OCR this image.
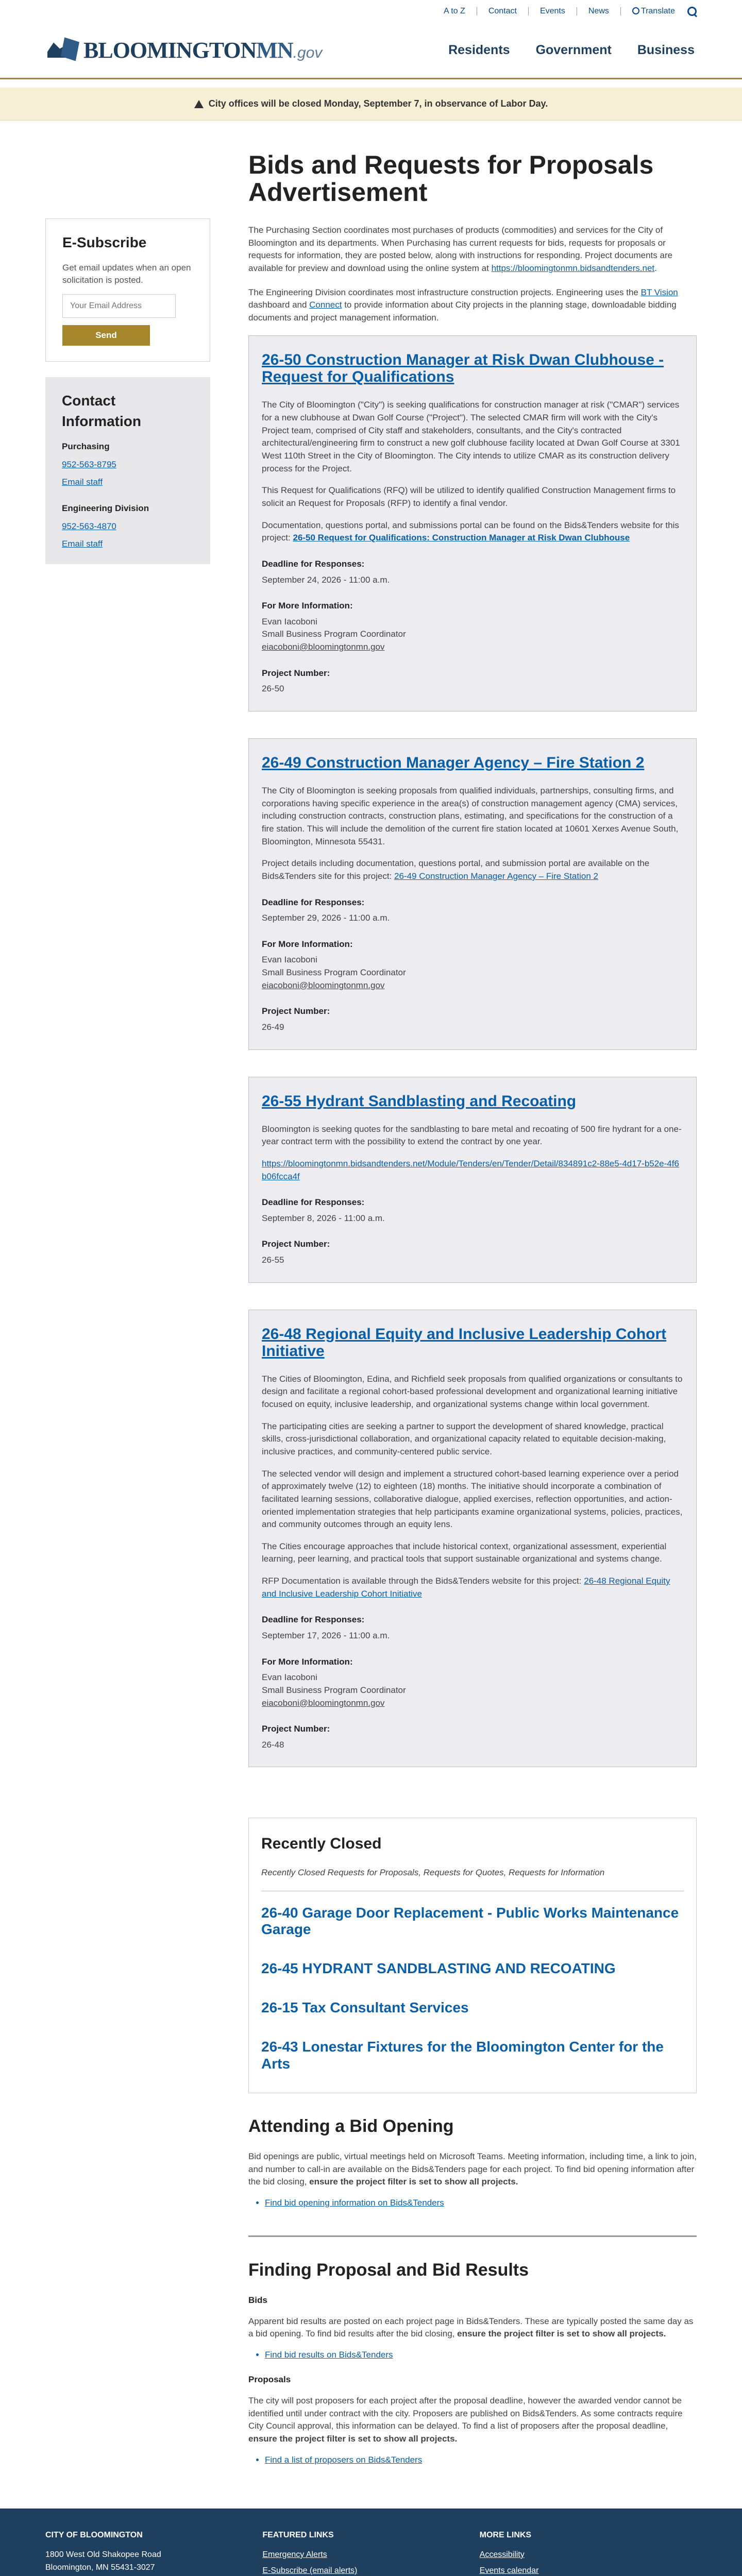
A to Z	Contact	Events	News	Translate
BLOOMINGTONMN.gov	Residents Government Business
City offices will be closed Monday, September 7, in observance of Labor Day.
E-Subscribe

Get email updates when an open solicitation is posted.

Your Email Address Send
Contact Information
Purchasing
952-563-8795
Email staff
Engineering Division
952-563-4870
Email staff
Bids and Requests for Proposals Advertisement

The Purchasing Section coordinates most purchases of products (commodities) and services for the City of Bloomington and its departments. When Purchasing has current requests for bids, requests for proposals or requests for information, they are posted below, along with instructions for responding. Project documents are available for preview and download using the online system at https://bloomingtonmn.bidsandtenders.net.

The Engineering Division coordinates most infrastructure construction projects. Engineering uses the BT Vision dashboard and Connect to provide information about City projects in the planning stage, downloadable bidding documents and project management information.

26-50 Construction Manager at Risk Dwan Clubhouse - Request for Qualifications

The City of Bloomington ("City") is seeking qualifications for construction manager at risk ("CMAR") services for a new clubhouse at Dwan Golf Course ("Project"). The selected CMAR firm will work with the City's Project team, comprised of City staff and stakeholders, consultants, and the City's contracted architectural/engineering firm to construct a new golf clubhouse facility located at Dwan Golf Course at 3301 West 110th Street in the City of Bloomington. The City intends to utilize CMAR as its construction delivery process for the Project.

This Request for Qualifications (RFQ) will be utilized to identify qualified Construction Management firms to solicit an Request for Proposals (RFP) to identify a final vendor.

Documentation, questions portal, and submissions portal can be found on the Bids&Tenders website for this project: 26-50 Request for Qualifications: Construction Manager at Risk Dwan Clubhouse

Deadline for Responses:
September 24, 2026 - 11:00 a.m.
For More Information:
Evan Iacoboni
Small Business Program Coordinator
eiacoboni@bloomingtonmn.gov
Project Number:
26-50
26-49 Construction Manager Agency – Fire Station 2

The City of Bloomington is seeking proposals from qualified individuals, partnerships, consulting firms, and corporations having specific experience in the area(s) of construction management agency (CMA) services, including construction contracts, construction plans, estimating, and specifications for the construction of a fire station. This will include the demolition of the current fire station located at 10601 Xerxes Avenue South, Bloomington, Minnesota 55431.

Project details including documentation, questions portal, and submission portal are available on the Bids&Tenders site for this project: 26-49 Construction Manager Agency – Fire Station 2

Deadline for Responses:
September 29, 2026 - 11:00 a.m.
For More Information:
Evan Iacoboni
Small Business Program Coordinator
eiacoboni@bloomingtonmn.gov
Project Number:
26-49
26-55 Hydrant Sandblasting and Recoating

Bloomington is seeking quotes for the sandblasting to bare metal and recoating of 500 fire hydrant for a one-year contract term with the possibility to extend the contract by one year.

https://bloomingtonmn.bidsandtenders.net/Module/Tenders/en/Tender/Detail/834891c2-88e5-4d17-b52e-4f6b06fcca4f

Deadline for Responses:
September 8, 2026 - 11:00 a.m.
Project Number:
26-55
26-48 Regional Equity and Inclusive Leadership Cohort Initiative

The Cities of Bloomington, Edina, and Richfield seek proposals from qualified organizations or consultants to design and facilitate a regional cohort-based professional development and organizational learning initiative focused on equity, inclusive leadership, and organizational systems change within local government.

The participating cities are seeking a partner to support the development of shared knowledge, practical skills, cross-jurisdictional collaboration, and organizational capacity related to equitable decision-making, inclusive practices, and community-centered public service.

The selected vendor will design and implement a structured cohort-based learning experience over a period of approximately twelve (12) to eighteen (18) months. The initiative should incorporate a combination of facilitated learning sessions, collaborative dialogue, applied exercises, reflection opportunities, and action-oriented implementation strategies that help participants examine organizational systems, policies, practices, and community outcomes through an equity lens.

The Cities encourage approaches that include historical context, organizational assessment, experiential learning, peer learning, and practical tools that support sustainable organizational and systems change.

RFP Documentation is available through the Bids&Tenders website for this project: 26-48 Regional Equity and Inclusive Leadership Cohort Initiative

Deadline for Responses:
September 17, 2026 - 11:00 a.m.
For More Information:
Evan Iacoboni
Small Business Program Coordinator
eiacoboni@bloomingtonmn.gov
Project Number:
26-48
Recently Closed
Recently Closed Requests for Proposals, Requests for Quotes, Requests for Information
26-40 Garage Door Replacement - Public Works Maintenance Garage
26-45 HYDRANT SANDBLASTING AND RECOATING
26-15 Tax Consultant Services
26-43 Lonestar Fixtures for the Bloomington Center for the Arts
Attending a Bid Opening

Bid openings are public, virtual meetings held on Microsoft Teams. Meeting information, including time, a link to join, and number to call-in are available on the Bids&Tenders page for each project. To find bid opening information after the bid closing, ensure the project filter is set to show all projects.

• Find bid opening information on Bids&Tenders
Finding Proposal and Bid Results
Bids

Apparent bid results are posted on each project page in Bids&Tenders. These are typically posted the same day as a bid opening. To find bid results after the bid closing, ensure the project filter is set to show all projects.

• Find bid results on Bids&Tenders
Proposals

The city will post proposers for each project after the proposal deadline, however the awarded vendor cannot be identified until under contract with the city. Proposers are published on Bids&Tenders. As some contracts require City Council approval, this information can be delayed. To find a list of proposers after the proposal deadline, ensure the project filter is set to show all projects.

• Find a list of proposers on Bids&Tenders
CITY OF BLOOMINGTON
1800 West Old Shakopee Road
Bloomington, MN 55431-3027
FEATURED LINKS
Emergency Alerts
E-Subscribe (email alerts)
MORE LINKS
Accessibility
Events calendar
